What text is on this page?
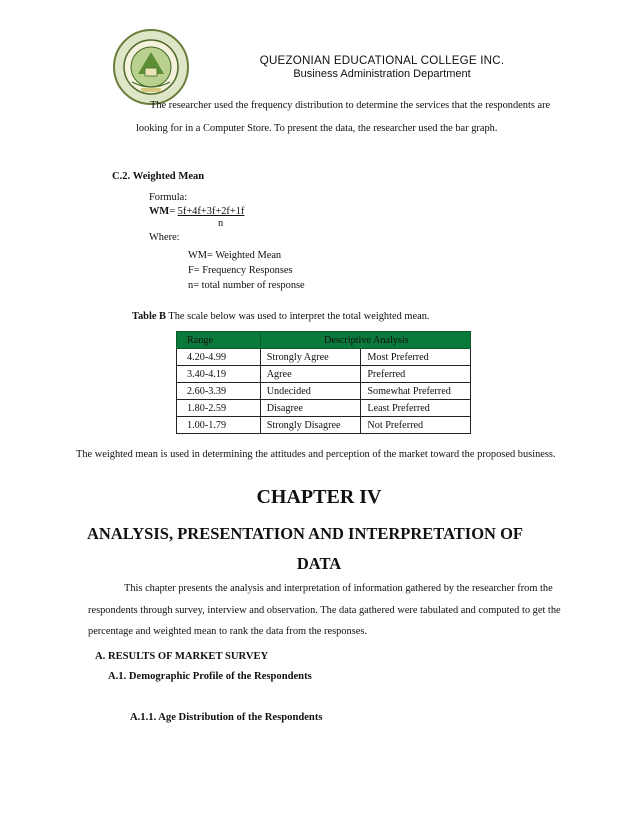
QUEZONIAN EDUCATIONAL COLLEGE INC.
Business Administration Department
The researcher used the frequency distribution to determine the services that the respondents are looking for in a Computer Store. To present the data, the researcher used the bar graph.
C.2. Weighted Mean
Formula:
WM= 5f+4f+3f+2f+1f
n
Where:
WM= Weighted Mean
F= Frequency Responses
n= total number of response
Table B The scale below was used to interpret the total weighted mean.
Range	Descriptive Analysis	
4.20-4.99	Strongly Agree	Most Preferred
3.40-4.19	Agree	Preferred
2.60-3.39	Undecided	Somewhat Preferred
1.80-2.59	Disagree	Least Preferred
1.00-1.79	Strongly Disagree	Not Preferred
The weighted mean is used in determining the attitudes and perception of the market toward the proposed business.
CHAPTER IV
ANALYSIS, PRESENTATION AND INTERPRETATION OF
DATA
This chapter presents the analysis and interpretation of information gathered by the researcher from the respondents through survey, interview and observation. The data gathered were tabulated and computed to get the percentage and weighted mean to rank the data from the responses.
A. RESULTS OF MARKET SURVEY
A.1. Demographic Profile of the Respondents
A.1.1. Age Distribution of the Respondents
